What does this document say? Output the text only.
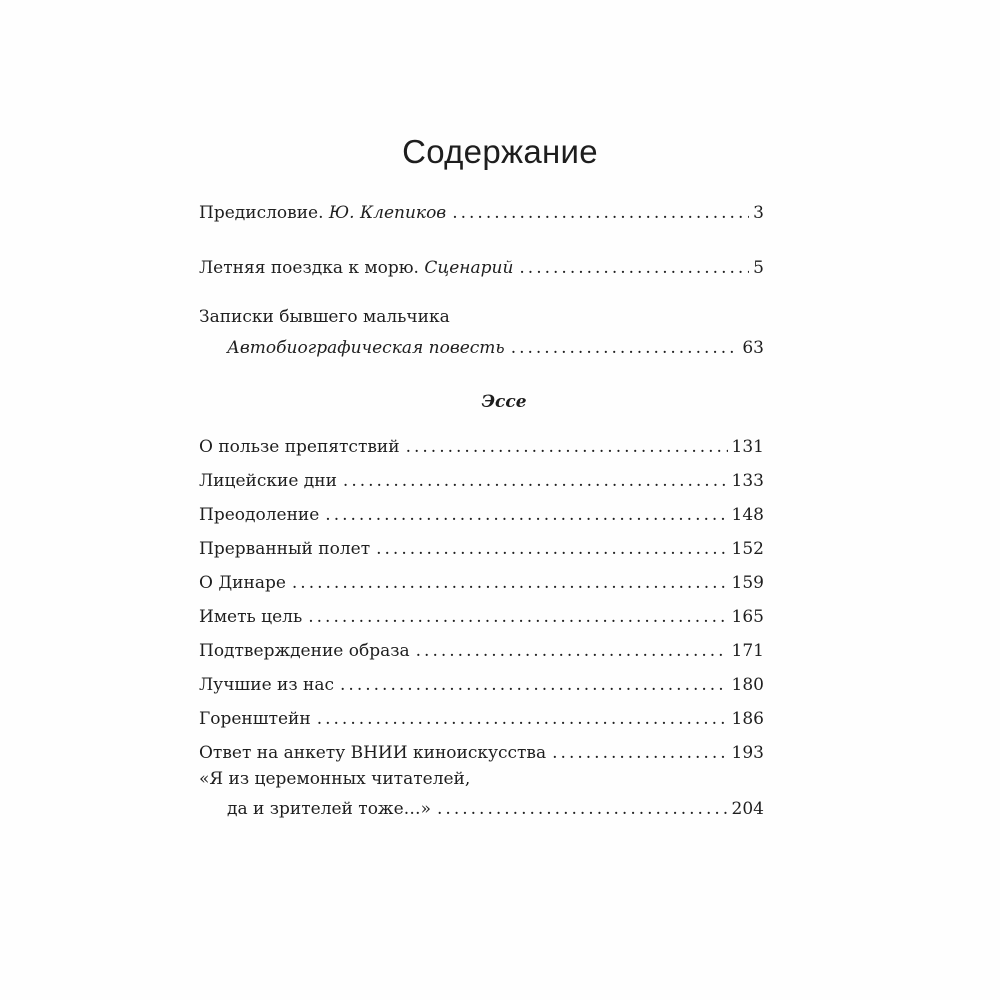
Содержание
Предисловие. Ю. Клепиков .....	3
Летняя поездка к морю. Сценарий .....	5
Записки бывшего мальчика
Автобиографическая повесть .....	63
Эссе
О пользе препятствий .....	131
Лицейские дни .....	133
Преодоление .....	148
Прерванный полет .....	152
О Динаре .....	159
Иметь цель .....	165
Подтверждение образа .....	171
Лучшие из нас .....	180
Горенштейн .....	186
Ответ на анкету ВНИИ киноискусства .....	193
«Я из церемонных читателей,
да и зрителей тоже…» .....	204
